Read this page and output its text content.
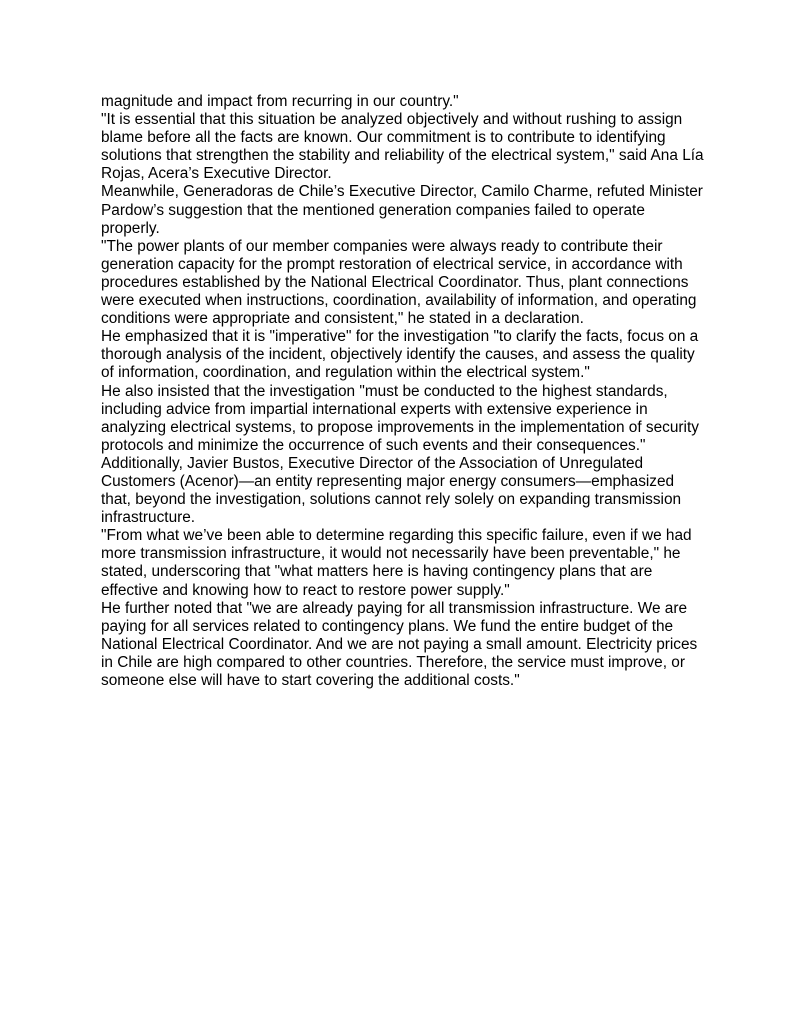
magnitude and impact from recurring in our country."

"It is essential that this situation be analyzed objectively and without rushing to assign blame before all the facts are known. Our commitment is to contribute to identifying solutions that strengthen the stability and reliability of the electrical system," said Ana Lía Rojas, Acera’s Executive Director.

Meanwhile, Generadoras de Chile’s Executive Director, Camilo Charme, refuted Minister Pardow’s suggestion that the mentioned generation companies failed to operate properly.

"The power plants of our member companies were always ready to contribute their generation capacity for the prompt restoration of electrical service, in accordance with procedures established by the National Electrical Coordinator. Thus, plant connections were executed when instructions, coordination, availability of information, and operating conditions were appropriate and consistent," he stated in a declaration.

He emphasized that it is "imperative" for the investigation "to clarify the facts, focus on a thorough analysis of the incident, objectively identify the causes, and assess the quality of information, coordination, and regulation within the electrical system."

He also insisted that the investigation "must be conducted to the highest standards, including advice from impartial international experts with extensive experience in analyzing electrical systems, to propose improvements in the implementation of security protocols and minimize the occurrence of such events and their consequences."

Additionally, Javier Bustos, Executive Director of the Association of Unregulated Customers (Acenor)—an entity representing major energy consumers—emphasized that, beyond the investigation, solutions cannot rely solely on expanding transmission infrastructure.

"From what we’ve been able to determine regarding this specific failure, even if we had more transmission infrastructure, it would not necessarily have been preventable," he stated, underscoring that "what matters here is having contingency plans that are effective and knowing how to react to restore power supply."

He further noted that "we are already paying for all transmission infrastructure. We are paying for all services related to contingency plans. We fund the entire budget of the National Electrical Coordinator. And we are not paying a small amount. Electricity prices in Chile are high compared to other countries. Therefore, the service must improve, or someone else will have to start covering the additional costs."
